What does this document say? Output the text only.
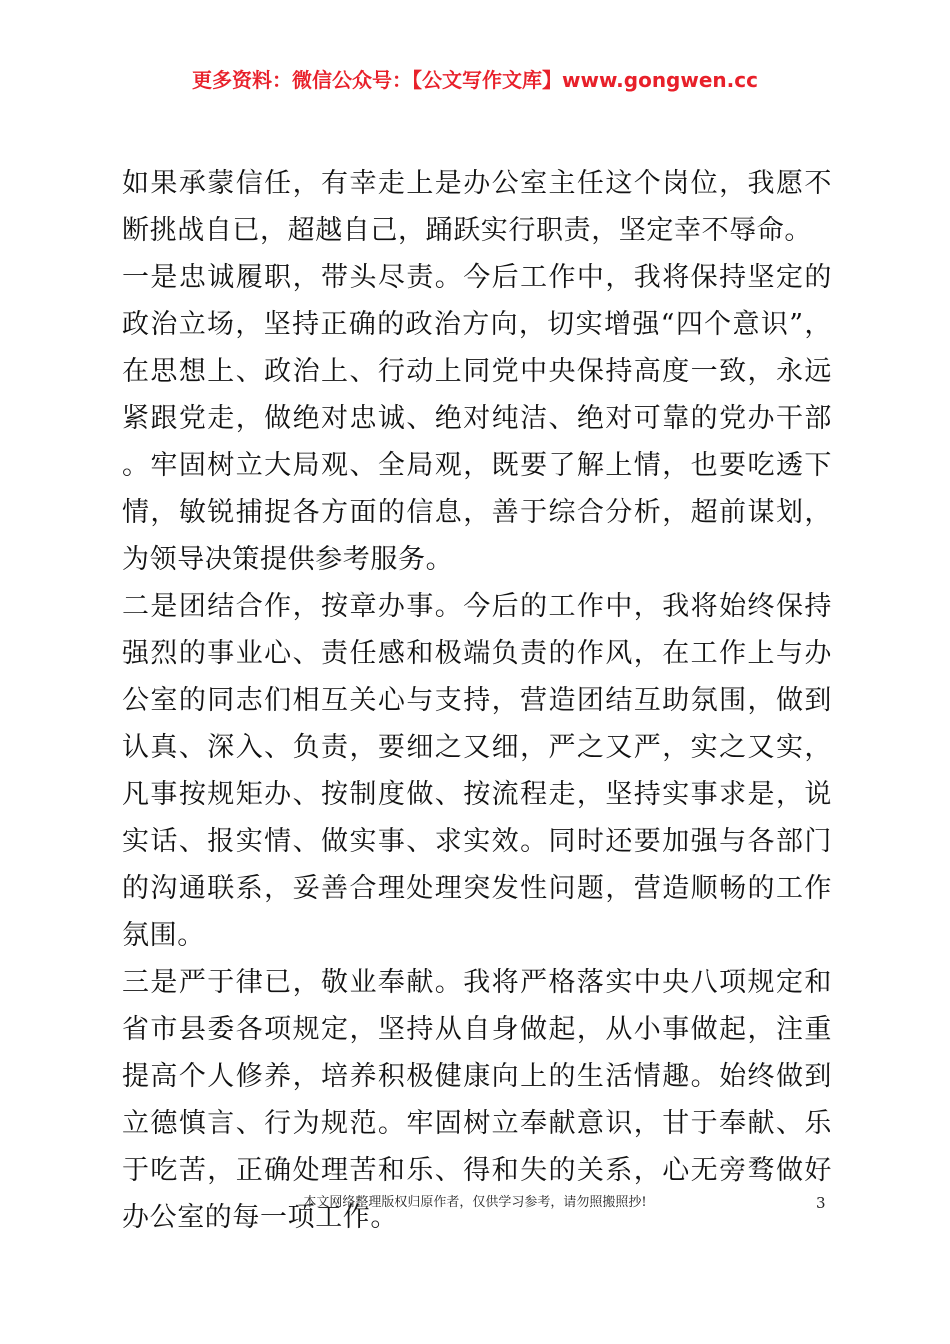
更多资料：微信公众号：【公文写作文库】www.gongwen.cc

如果承蒙信任，有幸走上是办公室主任这个岗位，我愿不断挑战自已，超越自己，踊跃实行职责，坚定幸不辱命。

一是忠诚履职，带头尽责。今后工作中，我将保持坚定的政治立场，坚持正确的政治方向，切实增强“四个意识”，在思想上、政治上、行动上同党中央保持高度一致，永远紧跟党走，做绝对忠诚、绝对纯洁、绝对可靠的党办干部。牢固树立大局观、全局观，既要了解上情，也要吃透下情，敏锐捕捉各方面的信息，善于综合分析，超前谋划，为领导决策提供参考服务。

二是团结合作，按章办事。今后的工作中，我将始终保持强烈的事业心、责任感和极端负责的作风，在工作上与办公室的同志们相互关心与支持，营造团结互助氛围，做到认真、深入、负责，要细之又细，严之又严，实之又实，凡事按规矩办、按制度做、按流程走，坚持实事求是，说实话、报实情、做实事、求实效。同时还要加强与各部门的沟通联系，妥善合理处理突发性问题，营造顺畅的工作氛围。

三是严于律已，敬业奉献。我将严格落实中央八项规定和省市县委各项规定，坚持从自身做起，从小事做起，注重提高个人修养，培养积极健康向上的生活情趣。始终做到立德慎言、行为规范。牢固树立奉献意识，甘于奉献、乐于吃苦，正确处理苦和乐、得和失的关系，心无旁骛做好办公室的每一项工作。

本文网络整理版权归原作者，仅供学习参考，请勿照搬照抄!	3
